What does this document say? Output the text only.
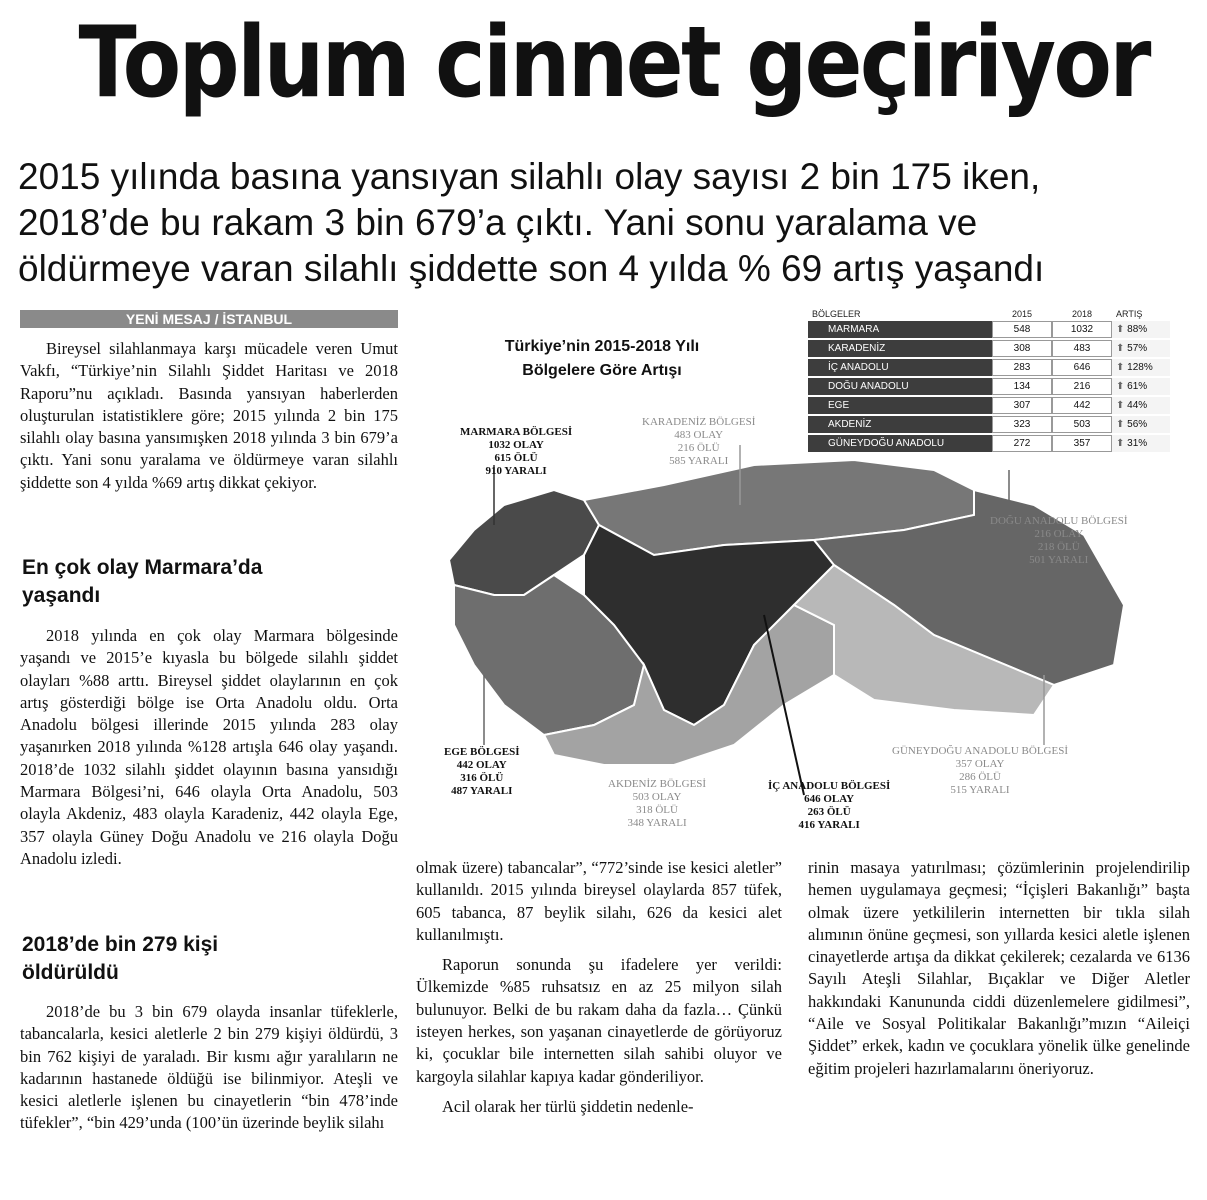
Toplum cinnet geçiriyor
2015 yılında basına yansıyan silahlı olay sayısı 2 bin 175 iken,
2018’de bu rakam 3 bin 679’a çıktı. Yani sonu yaralama ve
öldürmeye varan silahlı şiddette son 4 yılda % 69 artış yaşandı
YENİ MESAJ / İSTANBUL

Bireysel silahlanmaya karşı mücadele veren Umut Vakfı, “Türkiye’nin Silahlı Şiddet Haritası ve 2018 Raporu”nu açıkladı. Basında yansıyan haberlerden oluşturulan istatistiklere göre; 2015 yılında 2 bin 175 silahlı olay basına yansımışken 2018 yılında 3 bin 679’a çıktı. Yani sonu yaralama ve öldürmeye varan silahlı şiddette son 4 yılda %69 artış dikkat çekiyor.

En çok olay Marmara’da yaşandı

2018 yılında en çok olay Marmara bölgesinde yaşandı ve 2015’e kıyasla bu bölgede silahlı şiddet olayları %88 arttı. Bireysel şiddet olaylarının en çok artış gösterdiği bölge ise Orta Anadolu oldu. Orta Anadolu bölgesi illerinde 2015 yılında 283 olay yaşanırken 2018 yılında %128 artışla 646 olay yaşandı. 2018’de 1032 silahlı şiddet olayının basına yansıdığı Marmara Bölgesi’ni, 646 olayla Orta Anadolu, 503 olayla Akdeniz, 483 olayla Karadeniz, 442 olayla Ege, 357 olayla Güney Doğu Anadolu ve 216 olayla Doğu Anadolu izledi.

2018’de bin 279 kişi öldürüldü

2018’de bu 3 bin 679 olayda insanlar tüfeklerle, tabancalarla, kesici aletlerle 2 bin 279 kişiyi öldürdü, 3 bin 762 kişiyi de yaraladı. Bir kısmı ağır yaralıların ne kadarının hastanede öldüğü ise bilinmiyor. Ateşli ve kesici aletlerle işlenen bu cinayetlerin “bin 478’inde tüfekler”, “bin 429’unda (100’ün üzerinde beylik silahı

olmak üzere) tabancalar”, “772’sinde ise kesici aletler” kullanıldı. 2015 yılında bireysel olaylarda 857 tüfek, 605 tabanca, 87 beylik silahı, 626 da kesici alet kullanılmıştı.

Raporun sonunda şu ifadelere yer verildi: Ülkemizde %85 ruhsatsız en az 25 milyon silah bulunuyor. Belki de bu rakam daha da fazla… Çünkü isteyen herkes, son yaşanan cinayetlerde de görüyoruz ki, çocuklar bile internetten silah sahibi oluyor ve kargoyla silahlar kapıya kadar gönderiliyor.

Acil olarak her türlü şiddetin nedenle-

rinin masaya yatırılması; çözümlerinin projelendirilip hemen uygulamaya geçmesi; “İçişleri Bakanlığı” başta olmak üzere yetkililerin internetten bir tıkla silah alımının önüne geçmesi, son yıllarda kesici aletle işlenen cinayetlerde artışa da dikkat çekilerek; cezalarda ve 6136 Sayılı Ateşli Silahlar, Bıçaklar ve Diğer Aletler hakkındaki Kanununda ciddi düzenlemelere gidilmesi”, “Aile ve Sosyal Politikalar Bakanlığı”mızın “Aileiçi Şiddet” erkek, kadın ve çocuklara yönelik ülke genelinde eğitim projeleri hazırlamalarını öneriyoruz.

Türkiye’nin 2015-2018 Yılı
Bölgelere Göre Artışı
BÖLGELER	2015	2018	ARTIŞ
MARMARA	548	1032	⬆ 88%
KARADENİZ	308	483	⬆ 57%
İÇ ANADOLU	283	646	⬆ 128%
DOĞU ANADOLU	134	216	⬆ 61%
EGE	307	442	⬆ 44%
AKDENİZ	323	503	⬆ 56%
GÜNEYDOĞU ANADOLU	272	357	⬆ 31%
MARMARA BÖLGESİ
1032 OLAY
615 ÖLÜ
910 YARALI
KARADENİZ BÖLGESİ
483 OLAY
216 ÖLÜ
585 YARALI
DOĞU ANADOLU BÖLGESİ
216 OLAY
218 ÖLÜ
501 YARALI
EGE BÖLGESİ
442 OLAY
316 ÖLÜ
487 YARALI
AKDENİZ BÖLGESİ
503 OLAY
318 ÖLÜ
348 YARALI
İÇ ANADOLU BÖLGESİ
646 OLAY
263 ÖLÜ
416 YARALI
GÜNEYDOĞU ANADOLU BÖLGESİ
357 OLAY
286 ÖLÜ
515 YARALI
